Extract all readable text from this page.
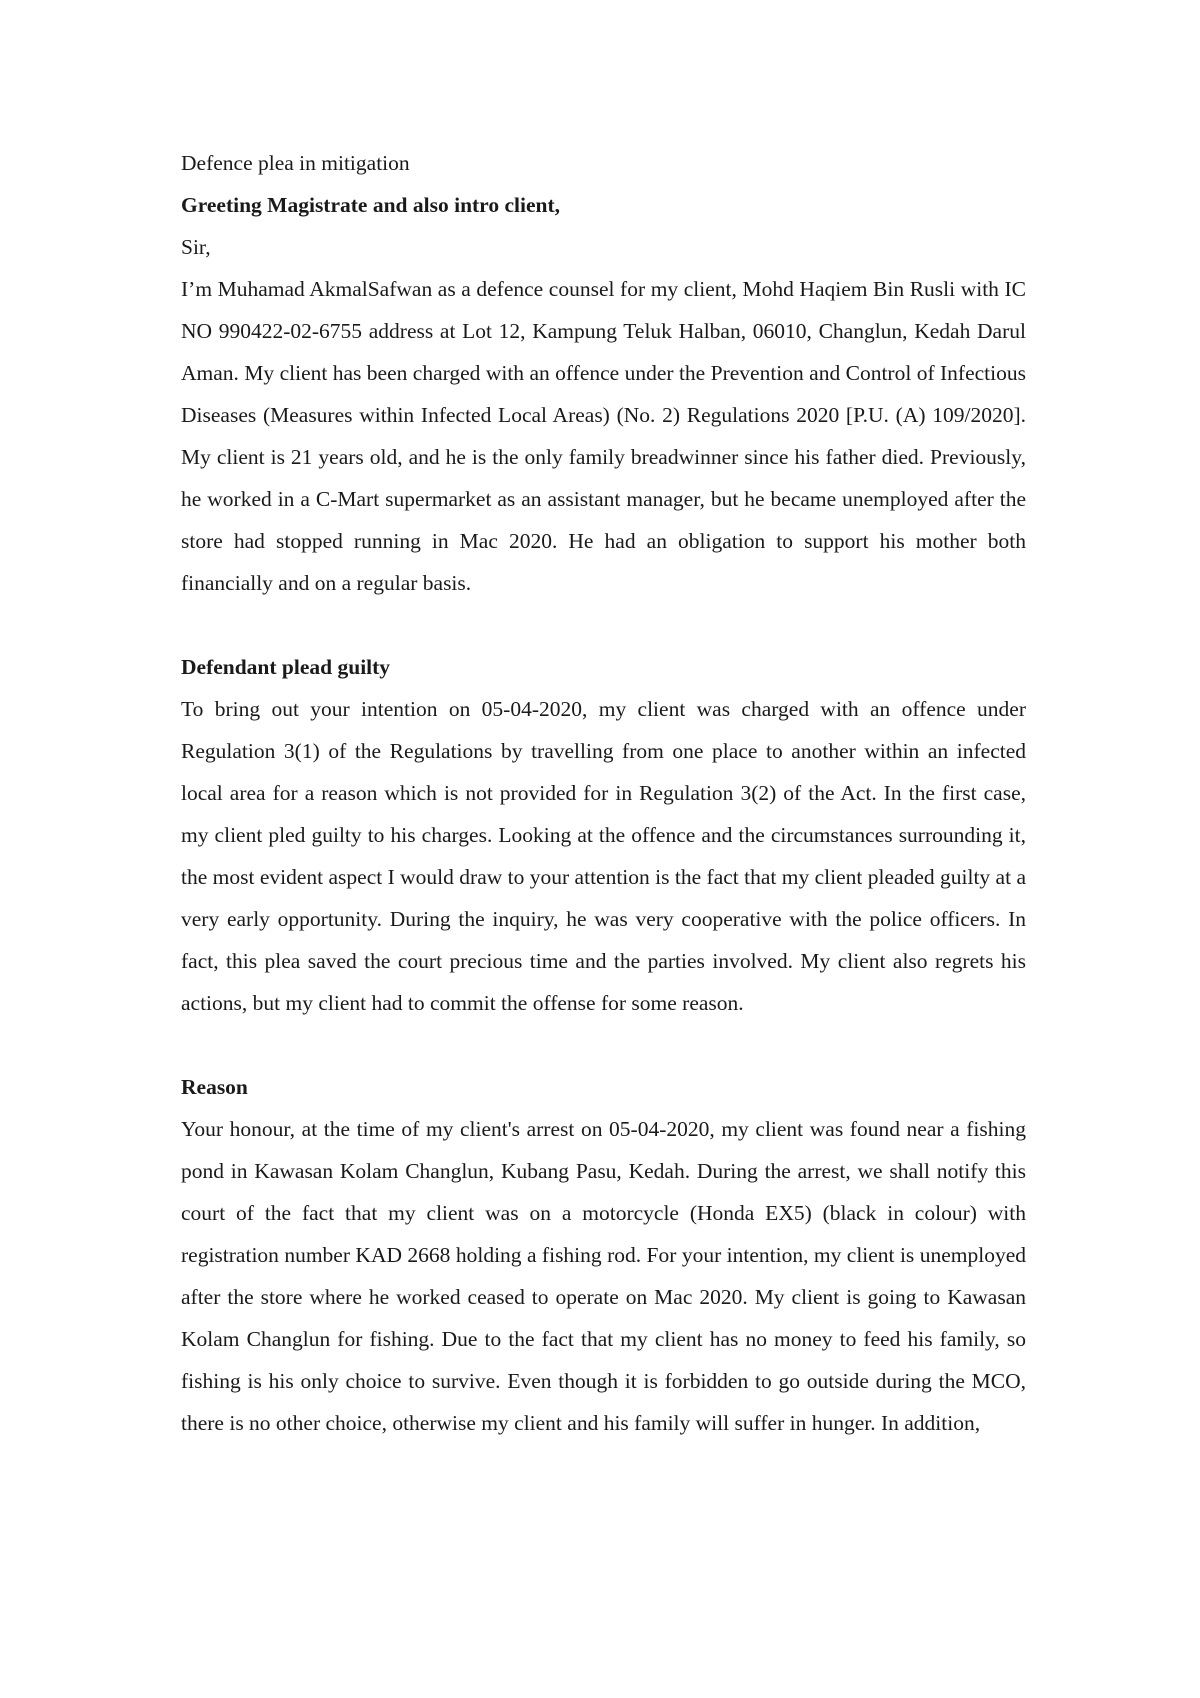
Defence plea in mitigation

Greeting Magistrate and also intro client,

Sir,

I’m Muhamad AkmalSafwan as a defence counsel for my client, Mohd Haqiem Bin Rusli with IC NO 990422-02-6755 address at Lot 12, Kampung Teluk Halban, 06010, Changlun, Kedah Darul Aman. My client has been charged with an offence under the Prevention and Control of Infectious Diseases (Measures within Infected Local Areas) (No. 2) Regulations 2020 [P.U. (A) 109/2020]. My client is 21 years old, and he is the only family breadwinner since his father died. Previously, he worked in a C-Mart supermarket as an assistant manager, but he became unemployed after the store had stopped running in Mac 2020. He had an obligation to support his mother both financially and on a regular basis.

Defendant plead guilty

To bring out your intention on 05-04-2020, my client was charged with an offence under Regulation 3(1) of the Regulations by travelling from one place to another within an infected local area for a reason which is not provided for in Regulation 3(2) of the Act. In the first case, my client pled guilty to his charges. Looking at the offence and the circumstances surrounding it, the most evident aspect I would draw to your attention is the fact that my client pleaded guilty at a very early opportunity. During the inquiry, he was very cooperative with the police officers. In fact, this plea saved the court precious time and the parties involved. My client also regrets his actions, but my client had to commit the offense for some reason.

Reason

Your honour, at the time of my client's arrest on 05-04-2020, my client was found near a fishing pond in Kawasan Kolam Changlun, Kubang Pasu, Kedah. During the arrest, we shall notify this court of the fact that my client was on a motorcycle (Honda EX5) (black in colour) with registration number KAD 2668 holding a fishing rod. For your intention, my client is unemployed after the store where he worked ceased to operate on Mac 2020. My client is going to Kawasan Kolam Changlun for fishing. Due to the fact that my client has no money to feed his family, so fishing is his only choice to survive. Even though it is forbidden to go outside during the MCO, there is no other choice, otherwise my client and his family will suffer in hunger. In addition,
